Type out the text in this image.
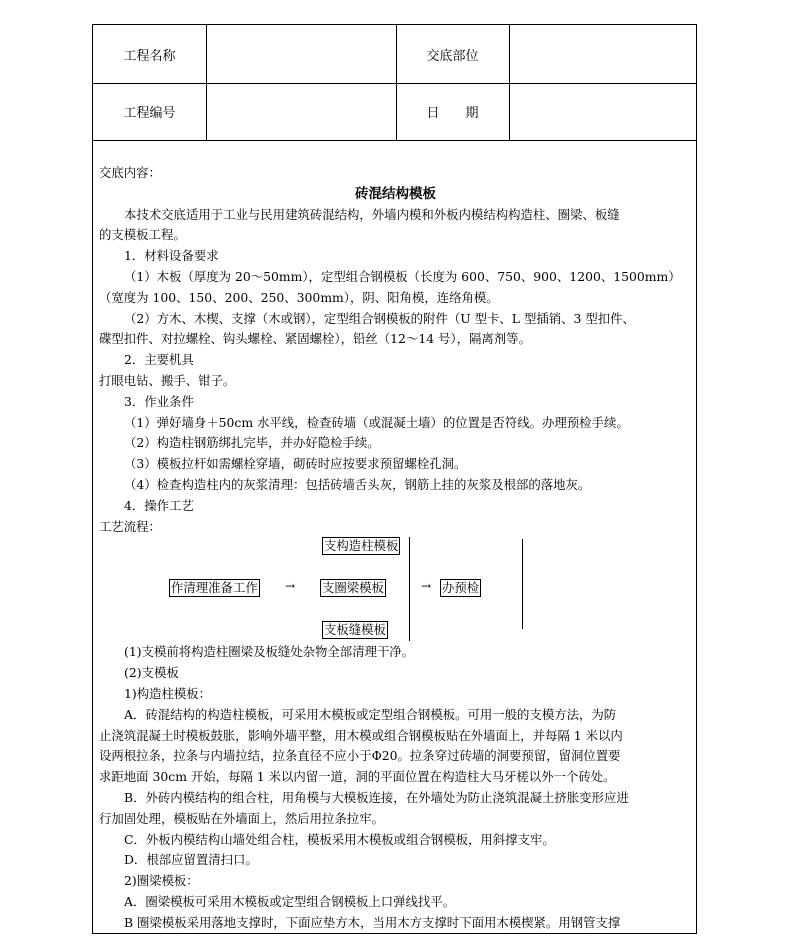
工程名称	交底部位
工程编号	日　　期
交底内容：
砖混结构模板
本技术交底适用于工业与民用建筑砖混结构，外墙内模和外板内模结构构造柱、圈梁、板缝
的支模板工程。
1．材料设备要求
（1）木板（厚度为 20～50mm），定型组合钢模板（长度为 600、750、900、1200、1500mm）
（宽度为 100、150、200、250、300mm），阴、阳角模，连络角模。
（2）方木、木楔、支撑（木或钢），定型组合钢模板的附件（U 型卡、L 型插销、3 型扣件、
碟型扣件、对拉螺栓、钩头螺栓、紧固螺栓），铅丝（12～14 号），隔离剂等。
2．主要机具
打眼电钻、搬手、钳子。
3．作业条件
（1）弹好墙身＋50cm 水平线，检查砖墙（或混凝土墙）的位置是否符线。办理预检手续。
（2）构造柱钢筋绑扎完毕，并办好隐检手续。
（3）模板拉杆如需螺栓穿墙，砌砖时应按要求预留螺栓孔洞。
（4）检查构造柱内的灰浆清理：包括砖墙舌头灰，钢筋上挂的灰浆及根部的落地灰。
4．操作工艺
工艺流程：
作清理准备工作 →
支构造柱模板
支圈梁模板
支板缝模板
→ 办预检
(1)支模前将构造柱圈梁及板缝处杂物全部清理干净。
(2)支模板
1)构造柱模板：
A．砖混结构的构造柱模板，可采用木模板或定型组合钢模板。可用一般的支模方法，为防
止浇筑混凝土时模板鼓胀，影响外墙平整，用木模或组合钢模板贴在外墙面上，并每隔 1 米以内
设两根拉条，拉条与内墙拉结，拉条直径不应小于Φ20。拉条穿过砖墙的洞要预留，留洞位置要
求距地面 30cm 开始，每隔 1 米以内留一道，洞的平面位置在构造柱大马牙槎以外一个砖处。
B．外砖内模结构的组合柱，用角模与大模板连接，在外墙处为防止浇筑混凝土挤胀变形应进
行加固处理，模板贴在外墙面上，然后用拉条拉牢。
C．外板内模结构山墙处组合柱，模板采用木模板或组合钢模板，用斜撑支牢。
D．根部应留置清扫口。
2)圈梁模板：
A．圈梁模板可采用木模板或定型组合钢模板上口弹线找平。
B 圈梁模板采用落地支撑时，下面应垫方木，当用木方支撑时下面用木模楔紧。用钢管支撑
